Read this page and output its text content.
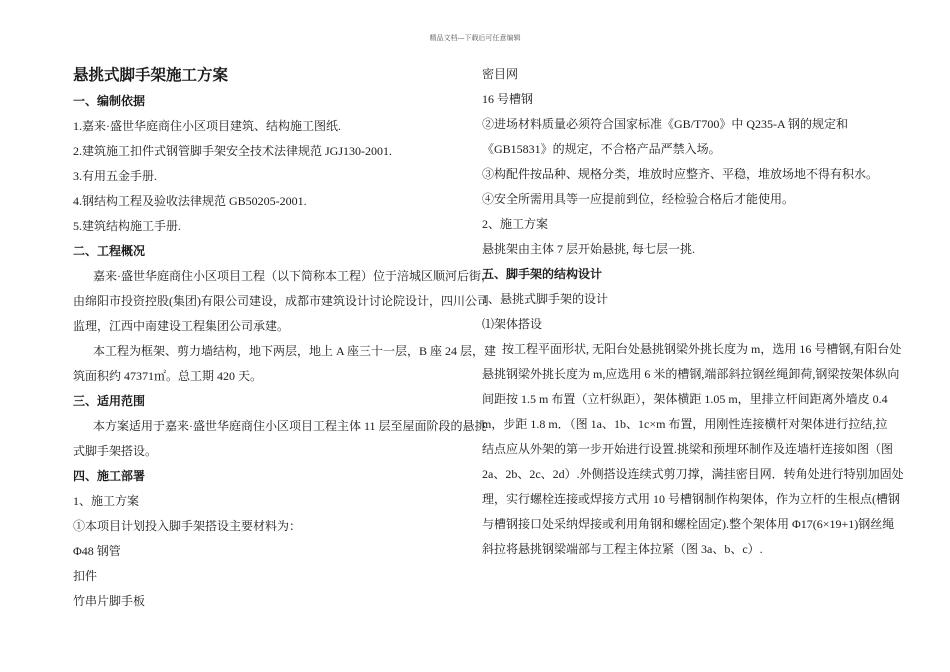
精品文档---下载后可任意编辑
悬挑式脚手架施工方案
一、编制依据
1.嘉来·盛世华庭商住小区项目建筑、结构施工图纸.
2.建筑施工扣件式钢管脚手架安全技术法律规范 JGJ130-2001.
3.有用五金手册.
4.钢结构工程及验收法律规范 GB50205-2001.
5.建筑结构施工手册.
二、工程概况
嘉来·盛世华庭商住小区项目工程（以下简称本工程）位于涪城区顺河后街，
由绵阳市投资控股(集团)有限公司建设，成都市建筑设计讨论院设计，四川公司
监理，江西中南建设工程集团公司承建。
本工程为框架、剪力墙结构，地下两层，地上 A 座三十一层，B 座 24 层，建
筑面积约 47371㎡。总工期 420 天。
三、适用范围
本方案适用于嘉来·盛世华庭商住小区项目工程主体 11 层至屋面阶段的悬挑
式脚手架搭设。
四、施工部署
1、施工方案
①本项目计划投入脚手架搭设主要材料为：
Φ48 钢管
扣件
竹串片脚手板
密目网
16 号槽钢
②进场材料质量必须符合国家标准《GB/T700》中 Q235-A 钢的规定和
《GB15831》的规定，不合格产品严禁入场。
③构配件按品种、规格分类，堆放时应整齐、平稳，堆放场地不得有积水。
④安全所需用具等一应提前到位，经检验合格后才能使用。
2、施工方案
悬挑架由主体 7 层开始悬挑, 每七层一挑.
五、脚手架的结构设计
1、悬挑式脚手架的设计
⑴架体搭设
按工程平面形状, 无阳台处悬挑钢梁外挑长度为 m，选用 16 号槽钢,有阳台处
悬挑钢梁外挑长度为 m,应选用 6 米的槽钢,端部斜拉钢丝绳卸荷,钢梁按架体纵向
间距按 1.5 m 布置（立杆纵距），架体横距 1.05 m，里排立杆间距离外墙皮 0.4
m，步距 1.8 m．（图 1a、1b、1c×m 布置，用刚性连接横杆对架体进行拉结,拉
结点应从外架的第一步开始进行设置.挑梁和预埋环制作及连墙杆连接如图（图
2a、2b、2c、2d）.外侧搭设连续式剪刀撑，满挂密目网．转角处进行特别加固处
理，实行螺栓连接或焊接方式用 10 号槽钢制作构架体，作为立杆的生根点(槽钢
与槽钢接口处采纳焊接或利用角钢和螺栓固定).整个架体用 Φ17(6×19+1)钢丝绳
斜拉将悬挑钢梁端部与工程主体拉紧（图 3a、b、c）.
